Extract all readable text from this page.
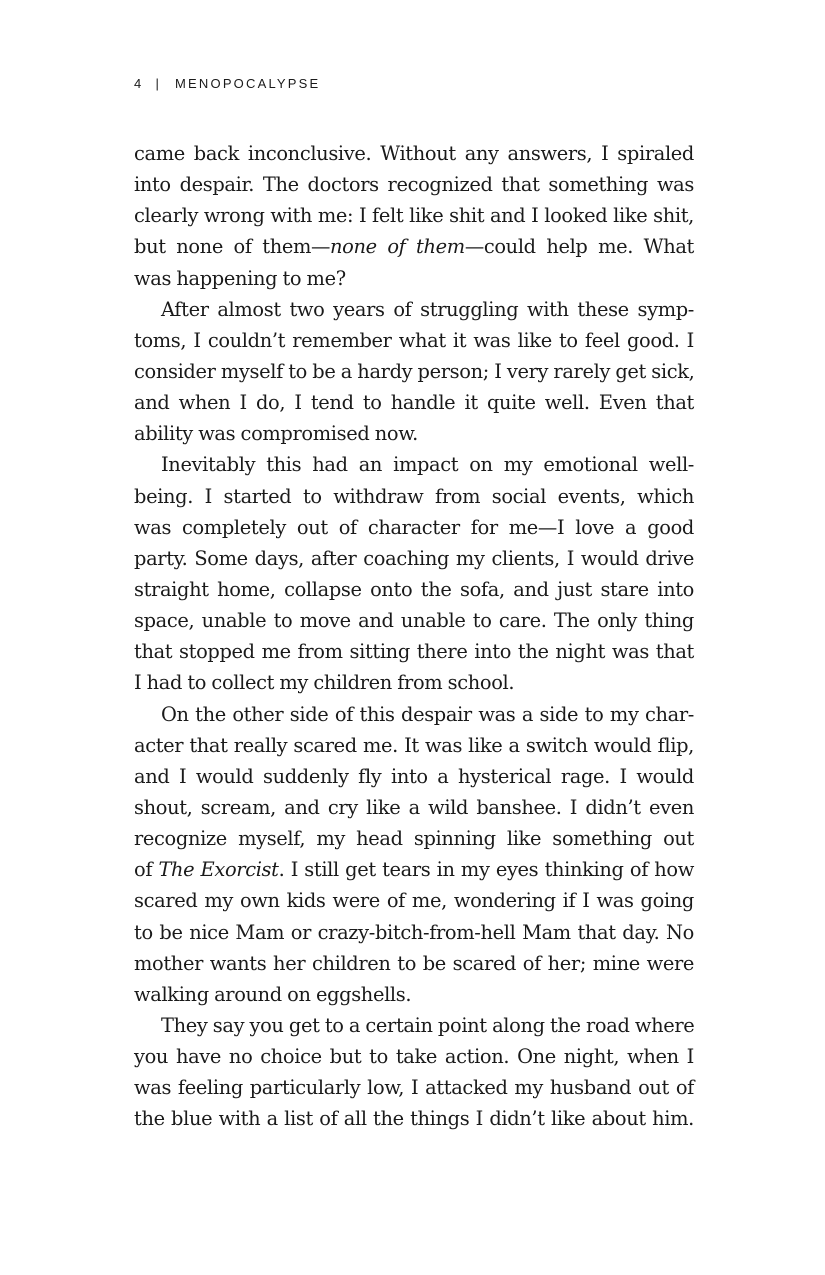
4 | MENOPOCALYPSE
came back inconclusive. Without any answers, I spiraled
into despair. The doctors recognized that something was
clearly wrong with me: I felt like shit and I looked like shit,
but none of them—none of them—could help me. What
was happening to me?
After almost two years of struggling with these symp-
toms, I couldn’t remember what it was like to feel good. I
consider myself to be a hardy person; I very rarely get sick,
and when I do, I tend to handle it quite well. Even that
ability was compromised now.
Inevitably this had an impact on my emotional well-
being. I started to withdraw from social events, which
was completely out of character for me—I love a good
party. Some days, after coaching my clients, I would drive
straight home, collapse onto the sofa, and just stare into
space, unable to move and unable to care. The only thing
that stopped me from sitting there into the night was that
I had to collect my children from school.
On the other side of this despair was a side to my char-
acter that really scared me. It was like a switch would flip,
and I would suddenly fly into a hysterical rage. I would
shout, scream, and cry like a wild banshee. I didn’t even
recognize myself, my head spinning like something out
of The Exorcist. I still get tears in my eyes thinking of how
scared my own kids were of me, wondering if I was going
to be nice Mam or crazy-bitch-from-hell Mam that day. No
mother wants her children to be scared of her; mine were
walking around on eggshells.
They say you get to a certain point along the road where
you have no choice but to take action. One night, when I
was feeling particularly low, I attacked my husband out of
the blue with a list of all the things I didn’t like about him.
